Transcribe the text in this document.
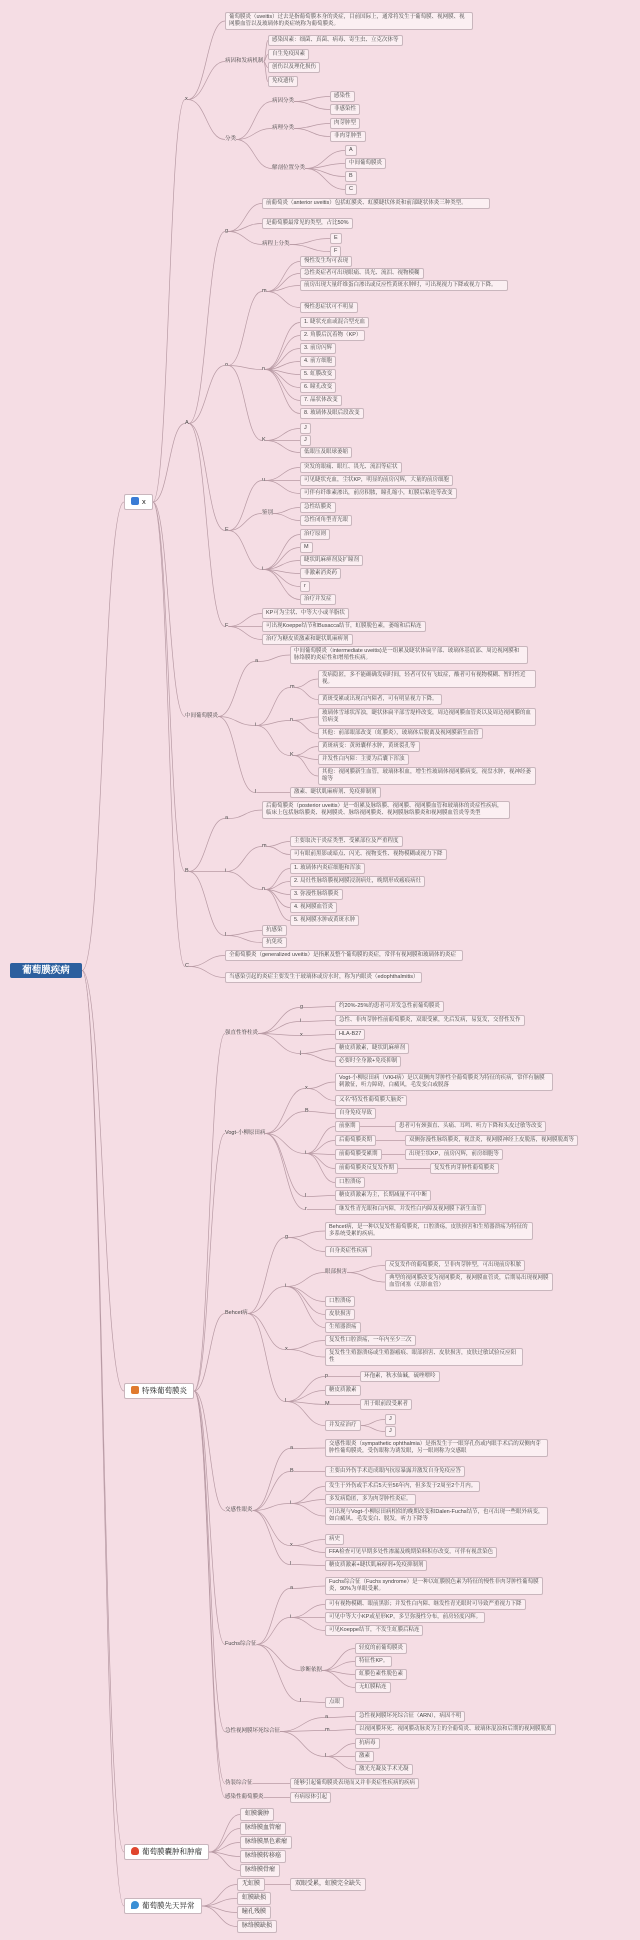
葡萄膜疾病
x
x
葡萄膜炎（uveitis）过去是指葡萄膜本身的炎症，目前国际上，通常将发生于葡萄膜、视网膜、视网膜血管以及玻璃体的炎症统称为葡萄膜炎。
病因和发病机制
感染因素：细菌、真菌、病毒、寄生虫、立克次体等
自生免疫因素
创伤以及理化损伤
免疫遗传
分类
病因分类
感染性
非感染性
病理分类
肉芽肿型
非肉芽肿型
解剖位置分类
A
中间葡萄膜炎
B
C
A
g
前葡萄炎（anterior uveitis）包括虹膜炎、虹膜睫状体炎和前部睫状体炎三种类型。
是葡萄膜最常见的类型，占比50%
病程上分类
E
F
o
m
慢性发生均可表现
急性炎症者可出现眼痛、畏光、流泪、视物模糊
前房出现大量纤维蛋白渗出或反应性黄斑水肿时，可出现视力下降或视力下降。
慢性患症状可不明显
n
1. 睫状充血或混合型充血
2. 角膜后沉着物（KP）
3. 前房闪辉
4. 前方细胞
5. 虹膜改变
6. 瞳孔改变
7. 晶状体改变
8. 玻璃体及眼后段改变
K
J
J
低眼压及眼球萎缩
E
u
突发的眼痛、眼红、畏光、流泪等症状
可见睫状充血，尘状KP，明显的前房闪辉，大量的前房细胞
可伴有纤维素渗出，前房积脓，瞳孔缩小，虹膜后粘连等改变
鉴别
急性结膜炎
急性闭角型青光眼
i
治疗原则
M
睫状肌麻痹剂及扩瞳剂
非激素消炎药
r
治疗并发症
F
KP可为尘状、中等大小或羊脂状
可出现Koeppe结节和Busacca结节，虹膜脱色素，萎缩和后粘连
治疗为糖皮质激素和睫状肌麻痹剂
中间葡萄膜炎
a
中间葡萄膜炎（intermediate uveitis)是一组累及睫状体扁平部、玻璃体基底部、周边视网膜和脉络膜的炎症性和增殖性疾病。
i
m
发病隐匿，多不能确确发病时间，轻者可仅有飞蚊症，酸者可有视物模糊、暂时性近视。
黄斑受累或出现白内障者，可有明显视力下降。
n
玻璃体雪球状浑浊，睫状体扁平部雪堤样改变，周边视网膜血管炎以及周边视网膜的血管病变
其他：前部眼部改变（虹膜炎），玻璃体后脱离及视网膜新生血管
K
黄斑病变：黄斑囊样水肿，黄斑裂孔等
并发性白内障：主要为后囊下浑浊
其他：视网膜新生血管，玻璃体积血，增生性玻璃体视网膜病变，视盘水肿，视神经萎缩等
l	激素、睫状肌麻痹剂、免疫抑制剂
B
a
后葡萄膜炎（posterior uveitis）是一组累及脉络膜、视网膜、视网膜血管和玻璃体的炎症性疾病，临床上包括脉络膜炎、视网膜炎、脉络视网膜炎、视网膜脉络膜炎和视网膜血管炎等类型
i
m
主要取决于炎症类型、受累部位及严重程度
可有眼前黑影或暗点、闪光、视物变性、视物模糊或视力下降
n
1. 玻璃体内炎症细胞和浑浊
2. 局灶性脉络膜视网膜浸润病灶，晚期形成瘢痕病灶
3. 弥漫性脉络膜炎
4. 视网膜血管炎
5. 视网膜水肿或黄斑水肿
l
抗感染
抗免疫
C
全葡萄膜炎（generalized uveitis）是指累及整个葡萄膜的炎症，常伴有视网膜和玻璃体的炎症
当感染引起的炎症主要发生于玻璃体或房水时，称为内眼炎（edophthalmitis）
特殊葡萄膜炎
强直性脊柱炎
g	约20%-25%的患者可并发急性前葡萄膜炎
i	急性、非肉芽肿性前葡萄膜炎，双眼受累，先后发病，易复发，交替性发作
x	HLA-B27
j
糖皮质激素，睫状肌麻痹剂
必要时全身激+免疫抑制
Vogt-小柳原田病
x
Vogt-小柳原田病（VKH病）是以双侧肉芽肿性全葡萄膜炎为特征的疾病，常伴有脑膜刺激征，听力障碍，白癜风，毛发变白或脱落
又名"特发性葡萄膜大脑炎"
B	自身免疫导致
i
前驱期	患者可有颈强直、头痛、耳鸣、听力下降和头皮过敏等改变
后葡萄膜炎期	双侧弥漫性脉络膜炎，视盘炎，视网膜神经上皮脱落，视网膜脱离等
前葡萄膜受累期	出现尘状KP，前房闪辉，前房细胞等
前葡萄膜炎反复发作期	复发性肉芽肿性葡萄膜炎
口腔溃疡
l	糖皮质激素为主，长期减量不可中断
r	继发性青光眼和白内障，并发性白内障及视网膜下新生血管
Behcet病
g
Behcet病，是一种以复发性葡萄膜炎，口腔溃疡，皮肤损害和生殖器溃疡为特征的多系统受累的疾病。
自身炎症性疾病
i
眼部损害
反复发作的葡萄膜炎，呈非肉芽肿型，可出现前房积脓
典型的视网膜改变为视网膜炎，视网膜血管炎，后期易出现视网膜血管闭塞（幻影血管）
口腔溃疡
皮肤损害
生殖器溃疡
x
复发性口腔溃疡，一年内至少三次
复发性生殖器溃疡或生殖器瘢痕、眼部损害、皮肤损害，皮肤过敏试验反应阳性
l
p	环孢素，秋水仙碱，硫唑嘌呤
糖皮质激素
M	用于眼前段受累者
并发症治疗
J
J
交感性眼炎
a
交感性眼炎（sympathetic ophthalmia）是指发生于一眼穿孔伤或内眼手术后的双侧肉芽肿性葡萄膜炎，受伤眼称为诱发眼，另一眼则称为交感眼
B	主要由外伤手术造成眼内抗原暴露并激发自身免疫应答
i
发生于外伤或手术后5天至56年内，但多发于2周至2个月内。
多发病隐匿，多为肉芽肿性炎症。
可出现与Vogt-小柳原田病相似的晚期改变和Dalen-Fuchs结节，也可出现一些眼外病变，如白癜风、毛发变白、脱发，听力下降等
x
病史
FFA检查可见早期多处性渗漏及晚期染料积存改变，可伴有视盘染色
l	糖皮质激素+睫状肌麻痹剂+免疫抑制剂
Fuchs综合征
a
Fuchs综合征（Fuchs syndrome）是一种以虹膜脱色素为特征的慢性非肉芽肿性葡萄膜炎，90%为单眼受累。
i
可有视物模糊、眼前黑影；并发性白内障、继发性青光眼时可导致严重视力下降
可见中等大小KP或星形KP，多呈弥漫性分布，前房轻度闪辉。
可见Koeppe结节，不发生虹膜后粘连
诊断依据
轻度的前葡萄膜炎
特征性KP。
虹膜色素性脱色素
无虹膜粘连
l	点眼
急性视网膜坏死综合征
a	急性视网膜坏死综合征（ARN），病因不明
m	以视网膜坏死、视网膜动脉炎为主的全葡萄炎、玻璃体混浊和后期的视网膜脱离
l
抗病毒
激素
激光光凝及手术光凝
伪装综合征	能够引起葡萄膜炎表现而又并非炎症性疾病的疾病
感染性葡萄膜炎	有病原体引起
葡萄膜囊肿和肿瘤
虹膜囊肿
脉络膜血管瘤
脉络膜黑色素瘤
脉络膜转移癌
脉络膜骨瘤
葡萄膜先天异常
无虹膜	双眼受累，虹膜完全缺失
虹膜缺损
瞳孔残膜
脉络膜缺损
